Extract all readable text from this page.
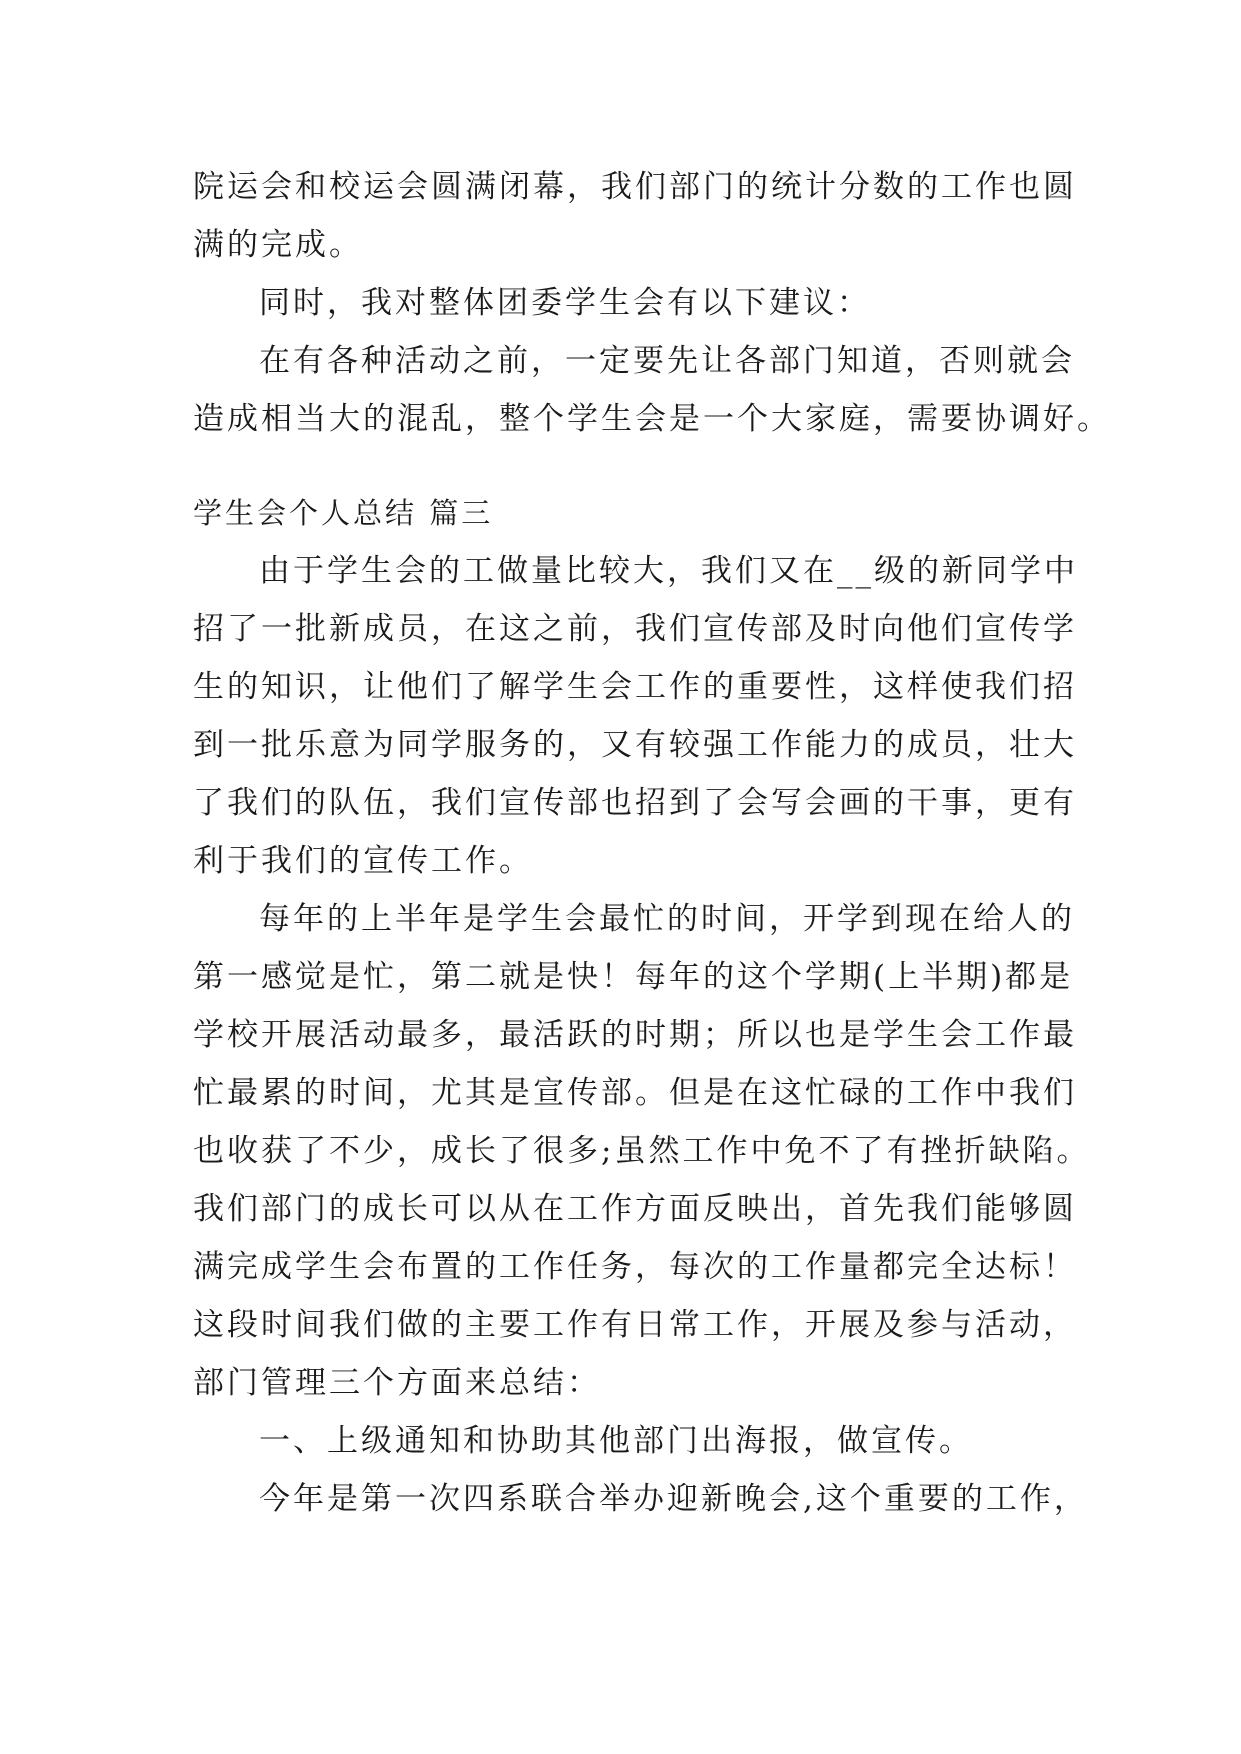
院运会和校运会圆满闭幕，我们部门的统计分数的工作也圆
满的完成。
同时，我对整体团委学生会有以下建议：
在有各种活动之前，一定要先让各部门知道，否则就会
造成相当大的混乱，整个学生会是一个大家庭，需要协调好。
学生会个人总结 篇三
由于学生会的工做量比较大，我们又在__级的新同学中
招了一批新成员，在这之前，我们宣传部及时向他们宣传学
生的知识，让他们了解学生会工作的重要性，这样使我们招
到一批乐意为同学服务的，又有较强工作能力的成员，壮大
了我们的队伍，我们宣传部也招到了会写会画的干事，更有
利于我们的宣传工作。
每年的上半年是学生会最忙的时间，开学到现在给人的
第一感觉是忙，第二就是快！每年的这个学期(上半期)都是
学校开展活动最多，最活跃的时期；所以也是学生会工作最
忙最累的时间，尤其是宣传部。但是在这忙碌的工作中我们
也收获了不少，成长了很多;虽然工作中免不了有挫折缺陷。
我们部门的成长可以从在工作方面反映出，首先我们能够圆
满完成学生会布置的工作任务，每次的工作量都完全达标！
这段时间我们做的主要工作有日常工作，开展及参与活动，
部门管理三个方面来总结：
一、上级通知和协助其他部门出海报，做宣传。
今年是第一次四系联合举办迎新晚会,这个重要的工作，
